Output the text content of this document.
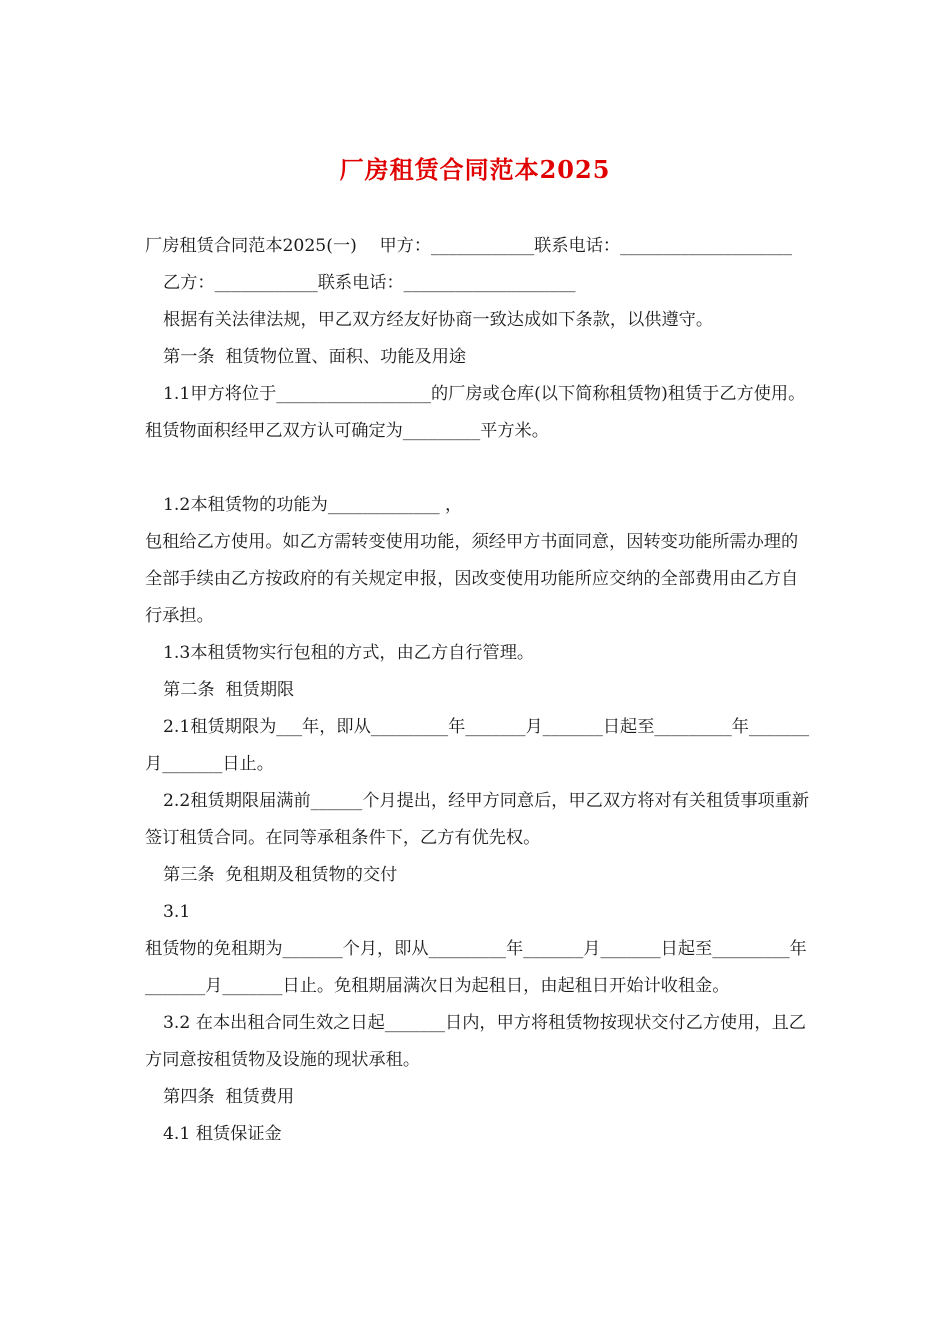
厂房租赁合同范本2025

厂房租赁合同范本2025(一)　 甲方：____________联系电话：____________________

乙方：____________联系电话：____________________

根据有关法律法规，甲乙双方经友好协商一致达成如下条款，以供遵守。

第一条  租赁物位置、面积、功能及用途

1.1甲方将位于__________________的厂房或仓库(以下简称租赁物)租赁于乙方使用。租赁物面积经甲乙双方认可确定为_________平方米。

1.2本租赁物的功能为_____________ ，

包租给乙方使用。如乙方需转变使用功能，须经甲方书面同意，因转变功能所需办理的全部手续由乙方按政府的有关规定申报，因改变使用功能所应交纳的全部费用由乙方自行承担。

1.3本租赁物实行包租的方式，由乙方自行管理。

第二条  租赁期限

2.1租赁期限为___年，即从_________年_______月_______日起至_________年_______月_______日止。

2.2租赁期限届满前______个月提出，经甲方同意后，甲乙双方将对有关租赁事项重新签订租赁合同。在同等承租条件下，乙方有优先权。

第三条  免租期及租赁物的交付

3.1

租赁物的免租期为_______个月，即从_________年_______月_______日起至_________年_______月_______日止。免租期届满次日为起租日，由起租日开始计收租金。

3.2 在本出租合同生效之日起_______日内，甲方将租赁物按现状交付乙方使用，且乙方同意按租赁物及设施的现状承租。

第四条  租赁费用

4.1 租赁保证金
